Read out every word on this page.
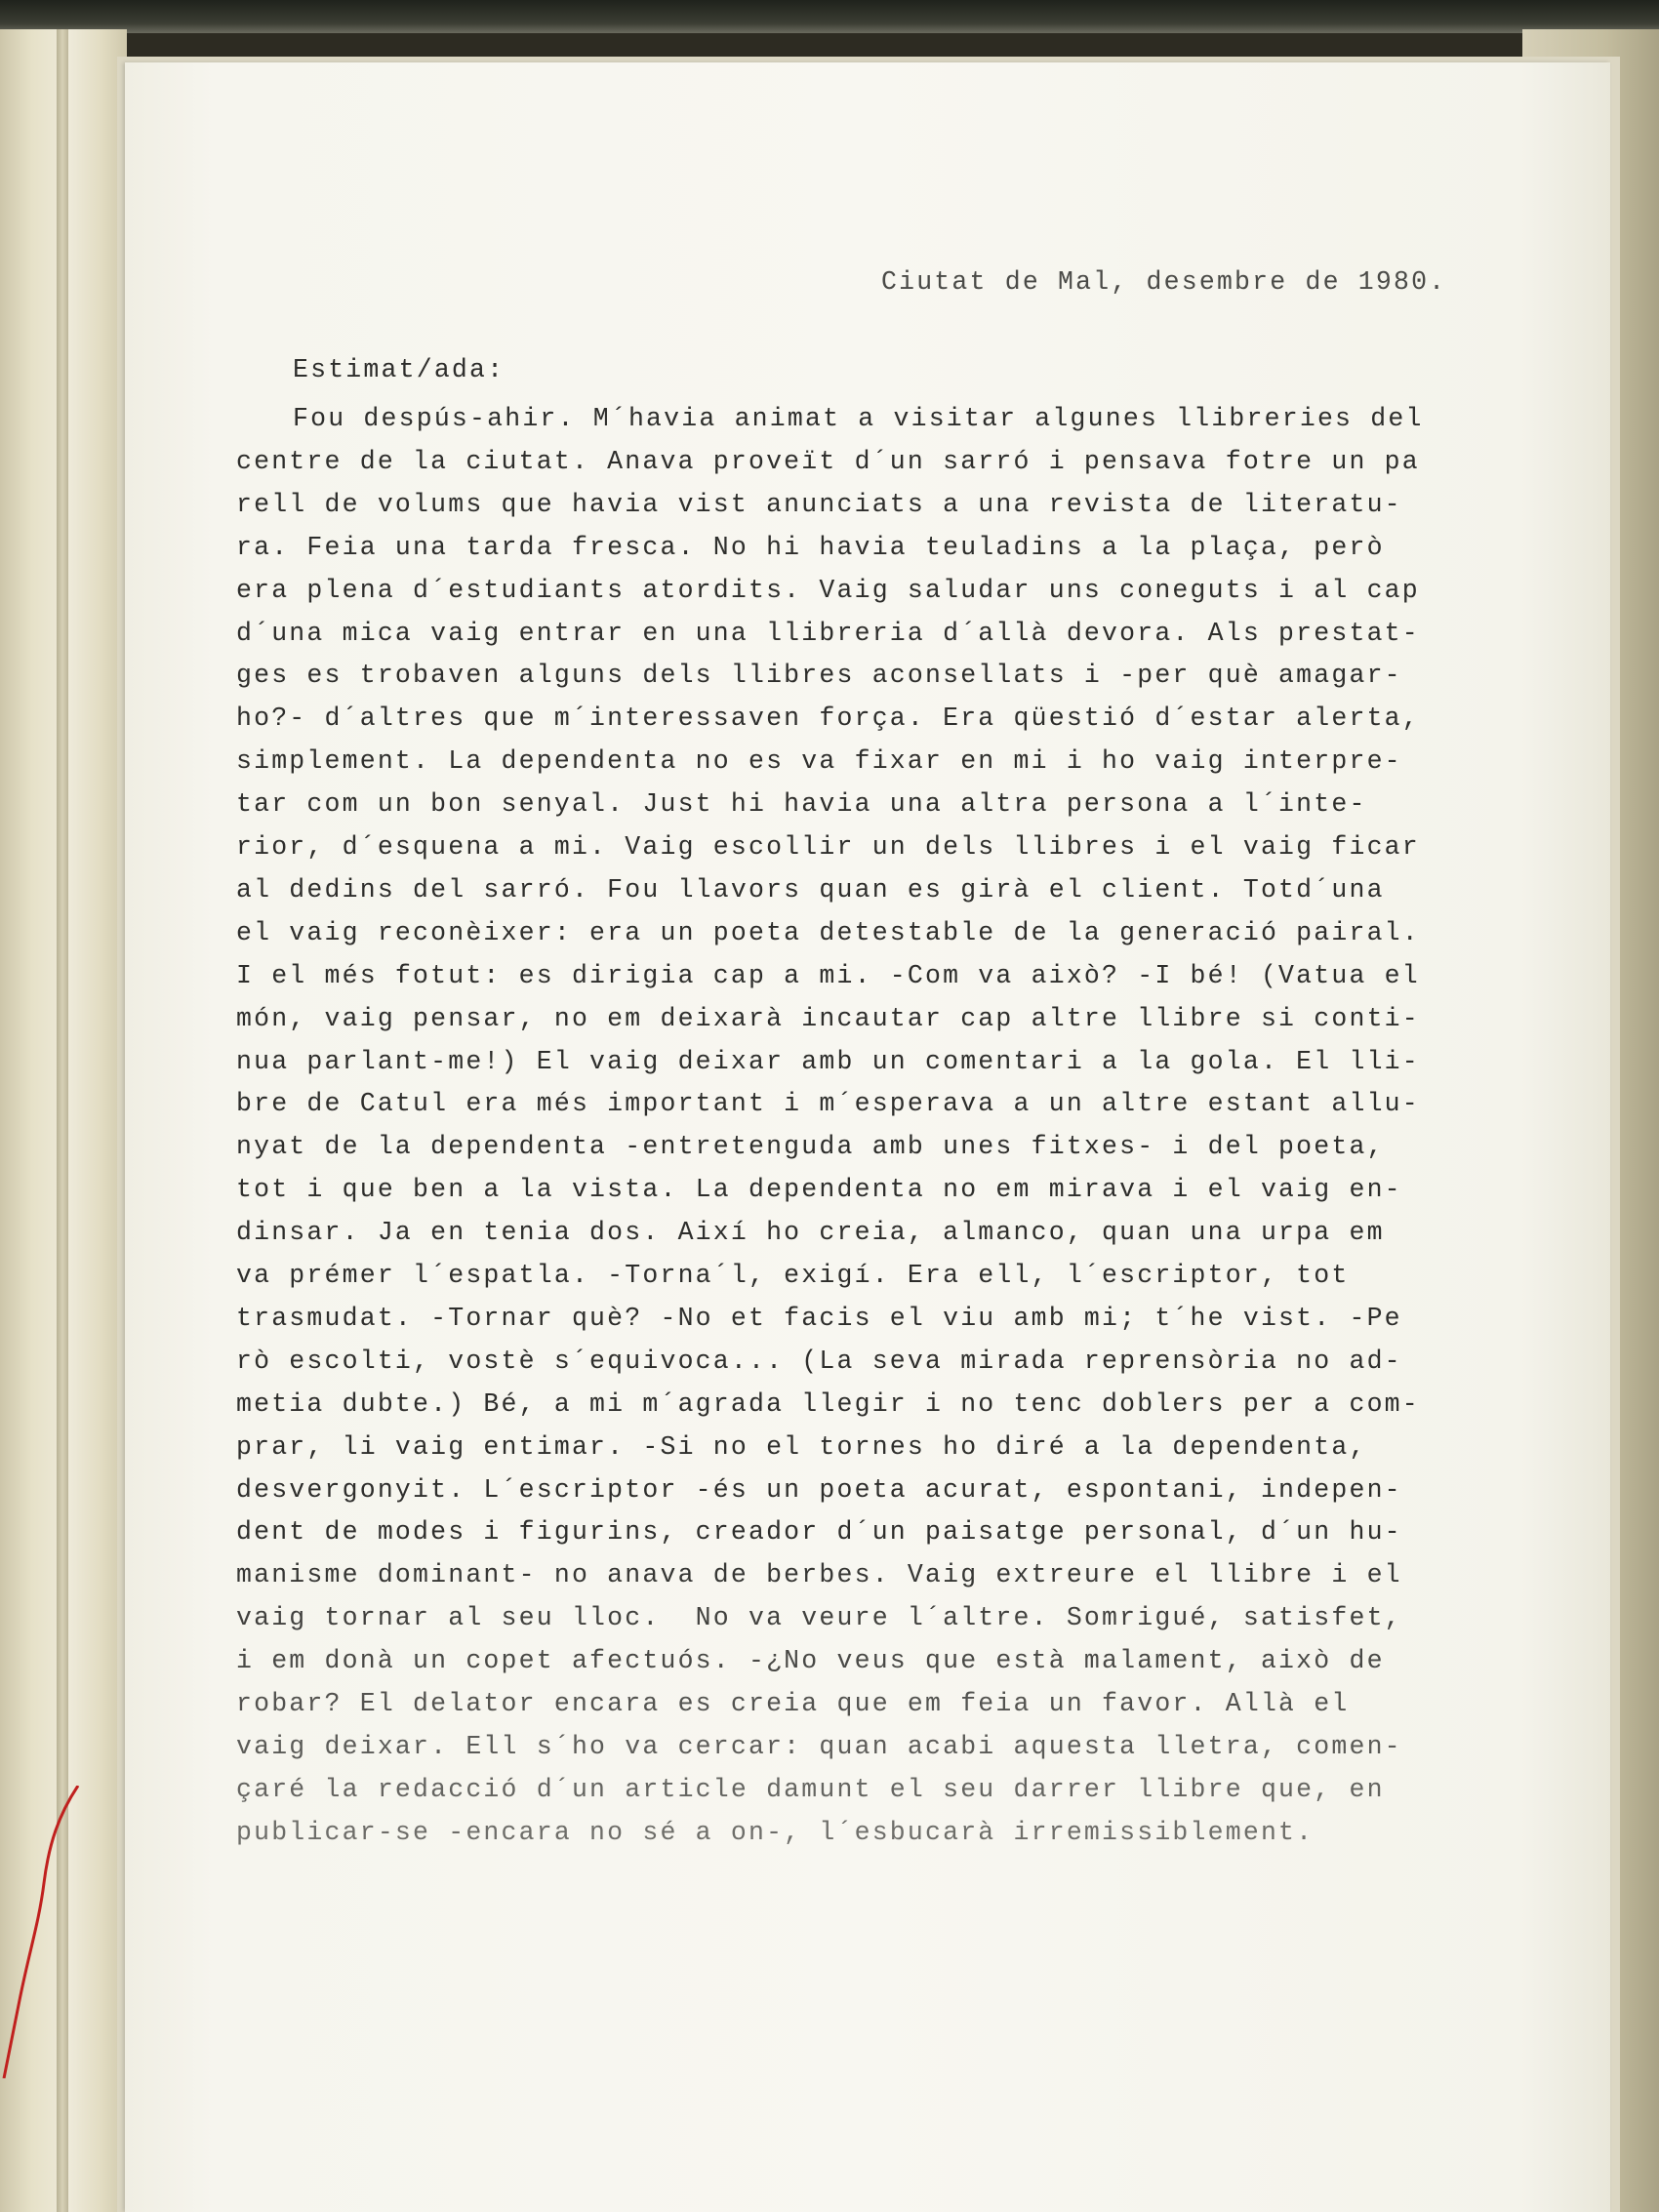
Ciutat de Mal, desembre de 1980.
Estimat/ada:
Fou despús-ahir. M´havia animat a visitar algunes llibreries del
centre de la ciutat. Anava proveït d´un sarró i pensava fotre un pa
rell de volums que havia vist anunciats a una revista de literatu-
ra. Feia una tarda fresca. No hi havia teuladins a la plaça, però
era plena d´estudiants atordits. Vaig saludar uns coneguts i al cap
d´una mica vaig entrar en una llibreria d´allà devora. Als prestat-
ges es trobaven alguns dels llibres aconsellats i -per què amagar-
ho?- d´altres que m´interessaven força. Era qüestió d´estar alerta,
simplement. La dependenta no es va fixar en mi i ho vaig interpre-
tar com un bon senyal. Just hi havia una altra persona a l´inte-
rior, d´esquena a mi. Vaig escollir un dels llibres i el vaig ficar
al dedins del sarró. Fou llavors quan es girà el client. Totd´una
el vaig reconèixer: era un poeta detestable de la generació pairal.
I el més fotut: es dirigia cap a mi. -Com va això? -I bé! (Vatua el
món, vaig pensar, no em deixarà incautar cap altre llibre si conti-
nua parlant-me!) El vaig deixar amb un comentari a la gola. El lli-
bre de Catul era més important i m´esperava a un altre estant allu-
nyat de la dependenta -entretenguda amb unes fitxes- i del poeta,
tot i que ben a la vista. La dependenta no em mirava i el vaig en-
dinsar. Ja en tenia dos. Així ho creia, almanco, quan una urpa em
va prémer l´espatla. -Torna´l, exigí. Era ell, l´escriptor, tot
trasmudat. -Tornar què? -No et facis el viu amb mi; t´he vist. -Pe
rò escolti, vostè s´equivoca... (La seva mirada reprensòria no ad-
metia dubte.) Bé, a mi m´agrada llegir i no tenc doblers per a com-
prar, li vaig entimar. -Si no el tornes ho diré a la dependenta,
desvergonyit. L´escriptor -és un poeta acurat, espontani, indepen-
dent de modes i figurins, creador d´un paisatge personal, d´un hu-
manisme dominant- no anava de berbes. Vaig extreure el llibre i el
vaig tornar al seu lloc.  No va veure l´altre. Somrigué, satisfet,
i em donà un copet afectuós. -¿No veus que està malament, això de
robar? El delator encara es creia que em feia un favor. Allà el
vaig deixar. Ell s´ho va cercar: quan acabi aquesta lletra, comen-
çaré la redacció d´un article damunt el seu darrer llibre que, en
publicar-se -encara no sé a on-, l´esbucarà irremissiblement.
